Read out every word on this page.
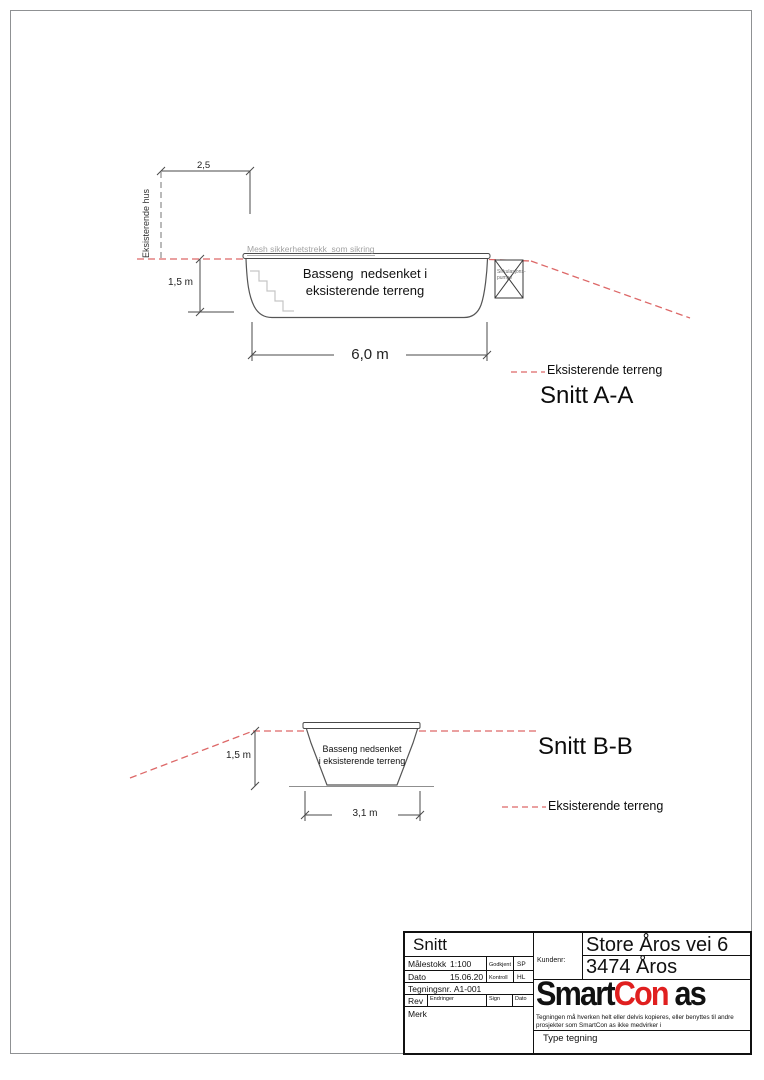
2,5
Eksisterende hus
1,5 m
Mesh sikkerhetstrekk  som sikring
Basseng  nedsenket i
eksisterende terreng
Sirkulasjons-
pumpe
6,0 m
Eksisterende terreng
Snitt A-A
Basseng nedsenket
i eksisterende terreng
1,5 m
3,1 m
Snitt B-B
Eksisterende terreng
Snitt
Målestokk 1:100	Godkjent SP
Dato	15.06.20 Kontroll HL
Tegningsnr. A1-001
Rev Endringer	Sign	Dato
Merk
Kundenr:
Store Åros vei 6
3474 Åros
SmartCon as
Tegningen må hverken helt eller delvis kopieres, eller benyttes til andre
prosjekter som SmartCon as ikke medvirker i
Type tegning
